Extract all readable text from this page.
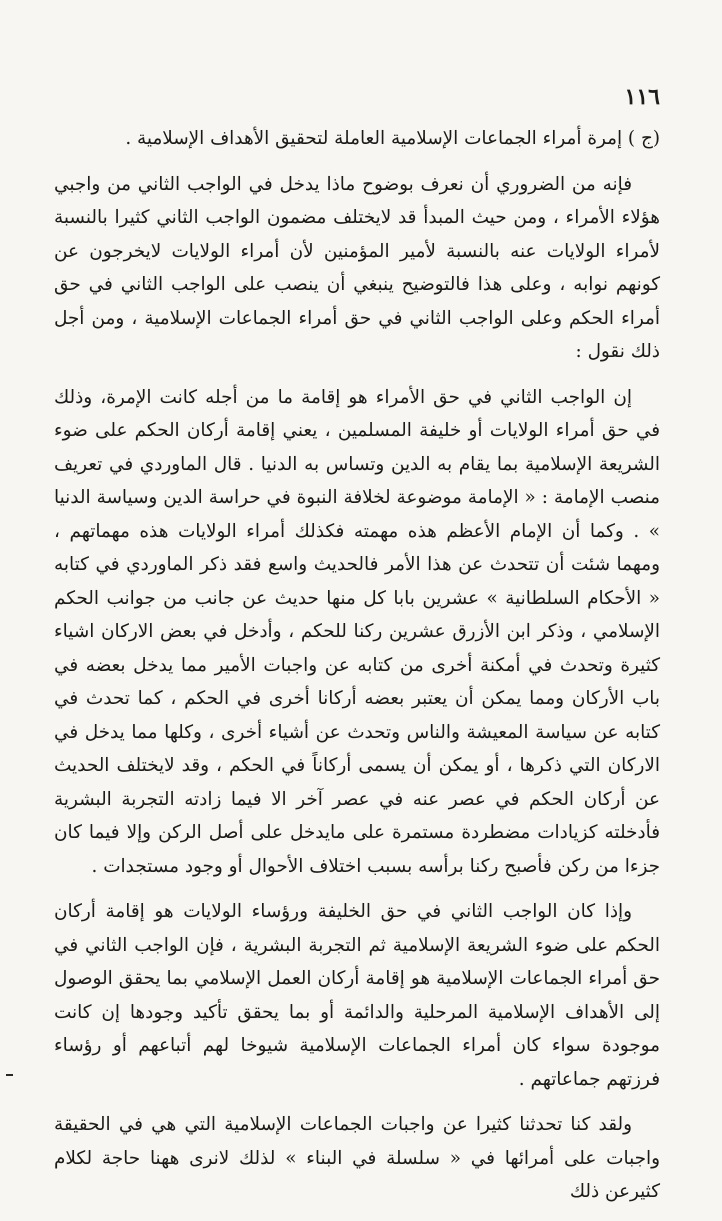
١١٦

(ج ) إمرة أمراء الجماعات الإسلامية العاملة لتحقيق الأهداف الإسلامية .

فإنه من الضروري أن نعرف بوضوح ماذا يدخل في الواجب الثاني من واجبي هؤلاء الأمراء ، ومن حيث المبدأ قد لايختلف مضمون الواجب الثاني كثيرا بالنسبة لأمراء الولايات عنه بالنسبة لأمير المؤمنين لأن أمراء الولايات لايخرجون عن كونهم نوابه ، وعلى هذا فالتوضيح ينبغي أن ينصب على الواجب الثاني في حق أمراء الحكم وعلى الواجب الثاني في حق أمراء الجماعات الإسلامية ، ومن أجل ذلك نقول :

إن الواجب الثاني في حق الأمراء هو إقامة ما من أجله كانت الإمرة، وذلك في حق أمراء الولايات أو خليفة المسلمين ، يعني إقامة أركان الحكم على ضوء الشريعة الإسلامية بما يقام به الدين وتساس به الدنيا . قال الماوردي في تعريف منصب الإمامة : « الإمامة موضوعة لخلافة النبوة في حراسة الدين وسياسة الدنيا » . وكما أن الإمام الأعظم هذه مهمته فكذلك أمراء الولايات هذه مهماتهم ، ومهما شئت أن تتحدث عن هذا الأمر فالحديث واسع فقد ذكر الماوردي في كتابه « الأحكام السلطانية » عشرين بابا كل منها حديث عن جانب من جوانب الحكم الإسلامي ، وذكر ابن الأزرق عشرين ركنا للحكم ، وأدخل في بعض الاركان اشياء كثيرة وتحدث في أمكنة أخرى من كتابه عن واجبات الأمير مما يدخل بعضه في باب الأركان ومما يمكن أن يعتبر بعضه أركانا أخرى في الحكم ، كما تحدث في كتابه عن سياسة المعيشة والناس وتحدث عن أشياء أخرى ، وكلها مما يدخل في الاركان التي ذكرها ، أو يمكن أن يسمى أركاناً في الحكم ، وقد لايختلف الحديث عن أركان الحكم في عصر عنه في عصر آخر الا فيما زادته التجربة البشرية فأدخلته كزيادات مضطردة مستمرة على مايدخل على أصل الركن وإلا فيما كان جزءا من ركن فأصبح ركنا برأسه بسبب اختلاف الأحوال أو وجود مستجدات .

وإذا كان الواجب الثاني في حق الخليفة ورؤساء الولايات هو إقامة أركان الحكم على ضوء الشريعة الإسلامية ثم التجربة البشرية ، فإن الواجب الثاني في حق أمراء الجماعات الإسلامية هو إقامة أركان العمل الإسلامي بما يحقق الوصول إلى الأهداف الإسلامية المرحلية والدائمة أو بما يحقق تأكيد وجودها إن كانت موجودة سواء كان أمراء الجماعات الإسلامية شيوخا لهم أتباعهم أو رؤساء فرزتهم جماعاتهم .

ولقد كنا تحدثنا كثيرا عن واجبات الجماعات الإسلامية التي هي في الحقيقة واجبات على أمرائها في « سلسلة في البناء » لذلك لانرى ههنا حاجة لكلام كثيرعن ذلك
